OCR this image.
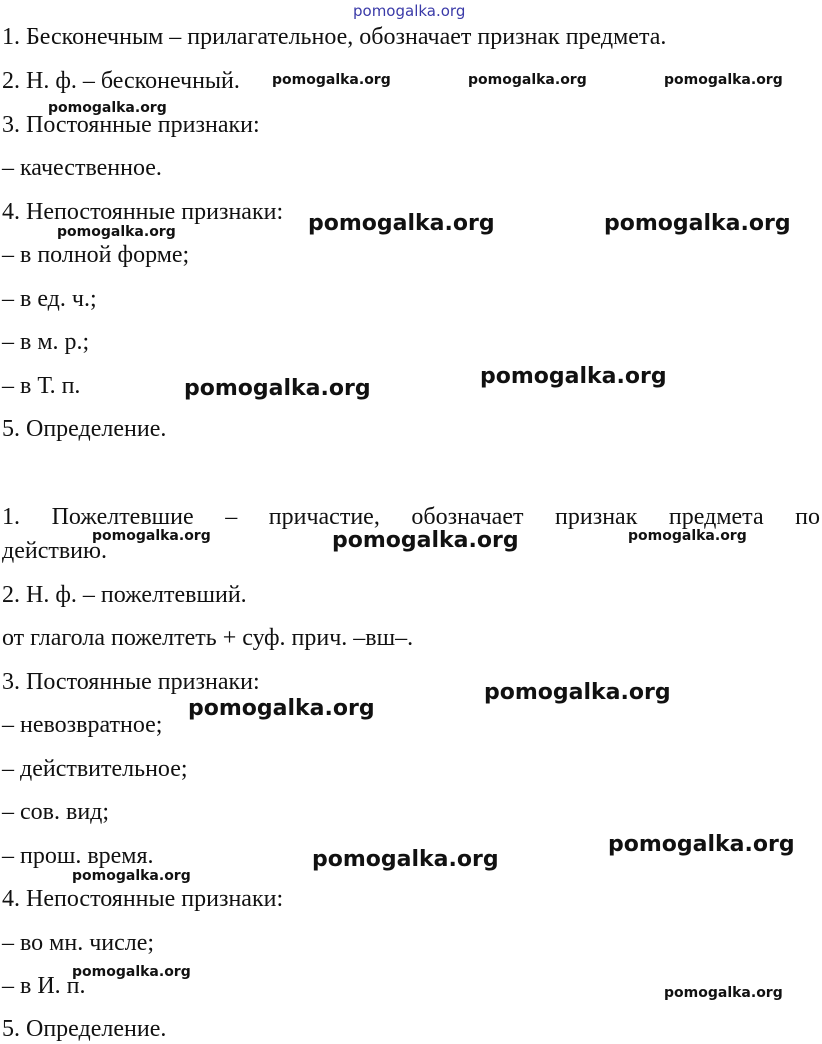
pomogalka.org

1. Бесконечным – прилагательное, обозначает признак предмета.

2. Н. ф. – бесконечный.

3. Постоянные признаки:

– качественное.

4. Непостоянные признаки:

– в полной форме;

– в ед. ч.;

– в м. р.;

– в Т. п.

5. Определение.

1. Пожелтевшие – причастие, обозначает признак предмета по

действию.

2. Н. ф. – пожелтевший.

от глагола пожелтеть + суф. прич. –вш–.

3. Постоянные признаки:

– невозвратное;

– действительное;

– сов. вид;

– прош. время.

4. Непостоянные признаки:

– во мн. числе;

– в И. п.

5. Определение.

pomogalka.org	pomogalka.org	pomogalka.org
pomogalka.org
pomogalka.org	pomogalka.org
pomogalka.org
pomogalka.org
pomogalka.org
pomogalka.org	pomogalka.org	pomogalka.org
pomogalka.org
pomogalka.org
pomogalka.org
pomogalka.org
pomogalka.org
pomogalka.org
pomogalka.org
